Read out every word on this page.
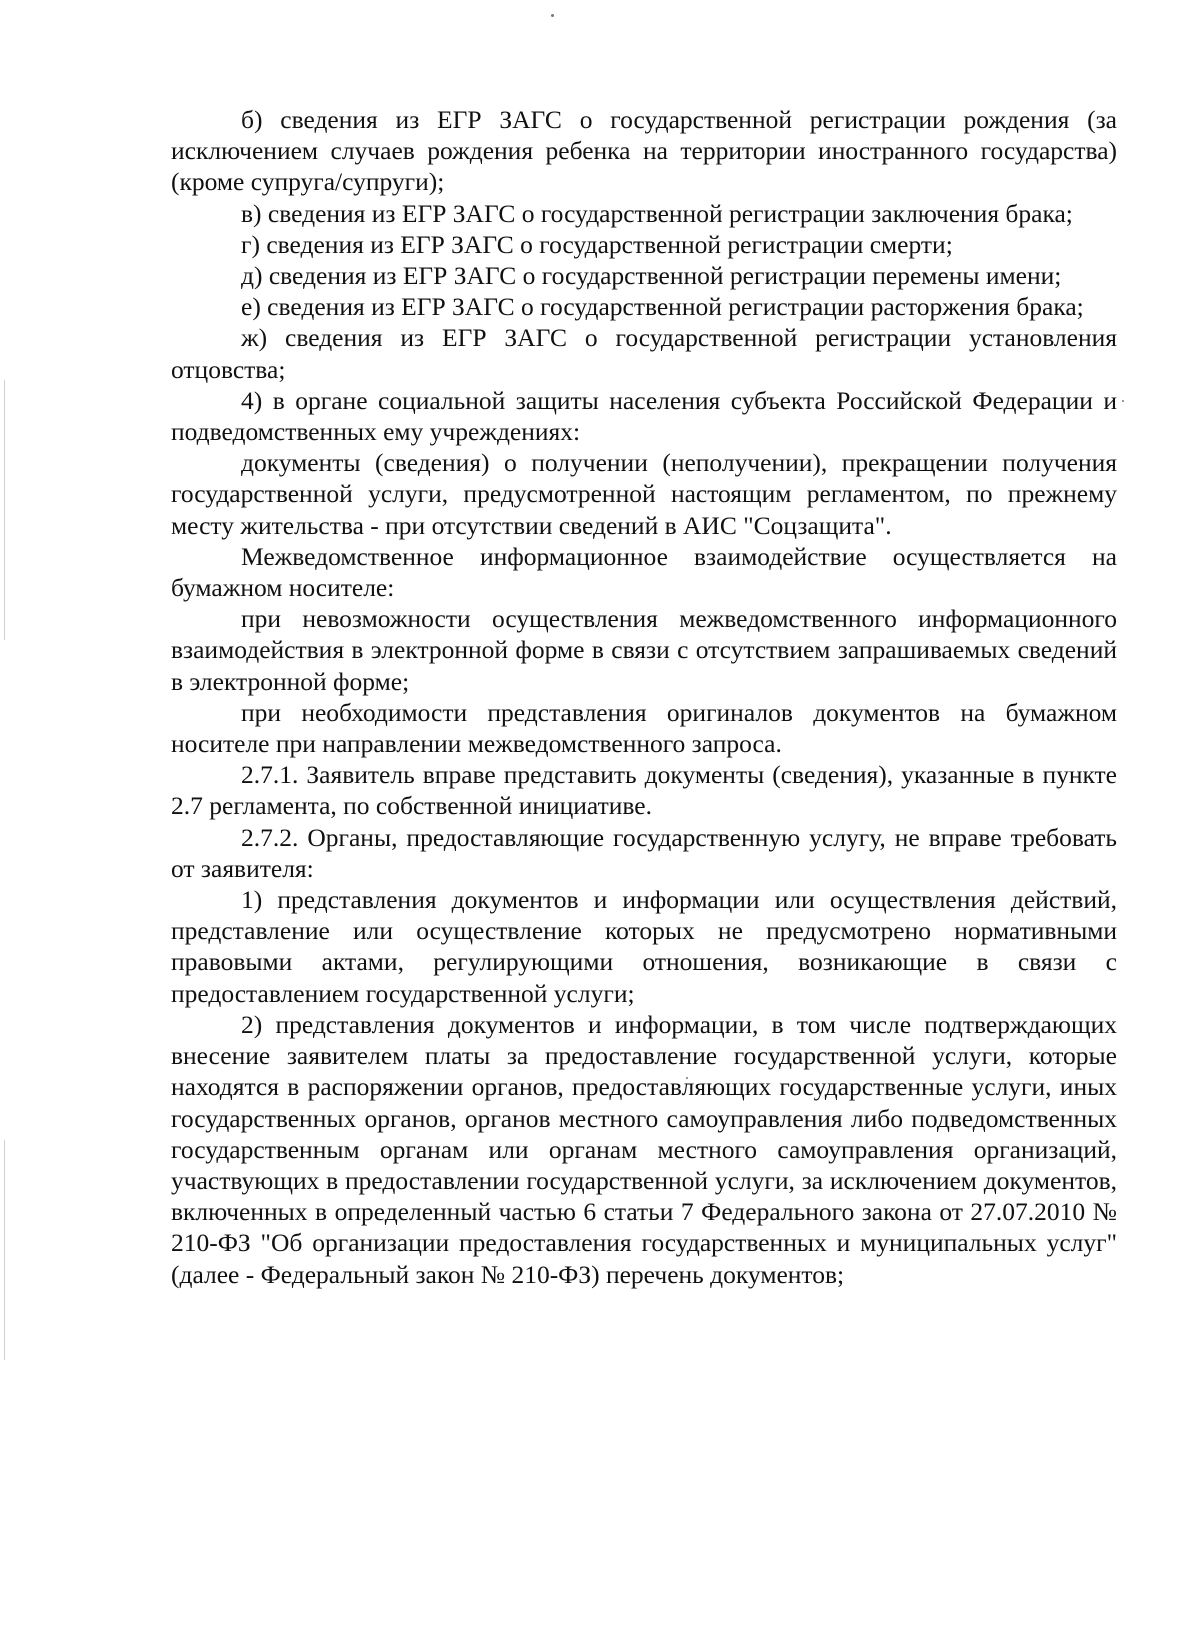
б) сведения из ЕГР ЗАГС о государственной регистрации рождения (за исключением случаев рождения ребенка на территории иностранного государства) (кроме супруга/супруги);

в) сведения из ЕГР ЗАГС о государственной регистрации заключения брака;

г) сведения из ЕГР ЗАГС о государственной регистрации смерти;

д) сведения из ЕГР ЗАГС о государственной регистрации перемены имени;

е) сведения из ЕГР ЗАГС о государственной регистрации расторжения брака;

ж) сведения из ЕГР ЗАГС о государственной регистрации установления отцовства;

4) в органе социальной защиты населения субъекта Российской Федерации и подведомственных ему учреждениях:

документы (сведения) о получении (неполучении), прекращении получения государственной услуги, предусмотренной настоящим регламентом, по прежнему месту жительства - при отсутствии сведений в АИС "Соцзащита".

Межведомственное информационное взаимодействие осуществляется на бумажном носителе:

при невозможности осуществления межведомственного информационного взаимодействия в электронной форме в связи с отсутствием запрашиваемых сведений в электронной форме;

при необходимости представления оригиналов документов на бумажном носителе при направлении межведомственного запроса.

2.7.1. Заявитель вправе представить документы (сведения), указанные в пункте 2.7 регламента, по собственной инициативе.

2.7.2. Органы, предоставляющие государственную услугу, не вправе требовать от заявителя:

1) представления документов и информации или осуществления действий, представление или осуществление которых не предусмотрено нормативными правовыми актами, регулирующими отношения, возникающие в связи с предоставлением государственной услуги;

2) представления документов и информации, в том числе подтверждающих внесение заявителем платы за предоставление государственной услуги, которые находятся в распоряжении органов, предоставляющих государственные услуги, иных государственных органов, органов местного самоуправления либо подведомственных государственным органам или органам местного самоуправления организаций, участвующих в предоставлении государственной услуги, за исключением документов, включенных в определенный частью 6 статьи 7 Федерального закона от 27.07.2010 № 210-ФЗ "Об организации предоставления государственных и муниципальных услуг" (далее - Федеральный закон № 210-ФЗ) перечень документов;
